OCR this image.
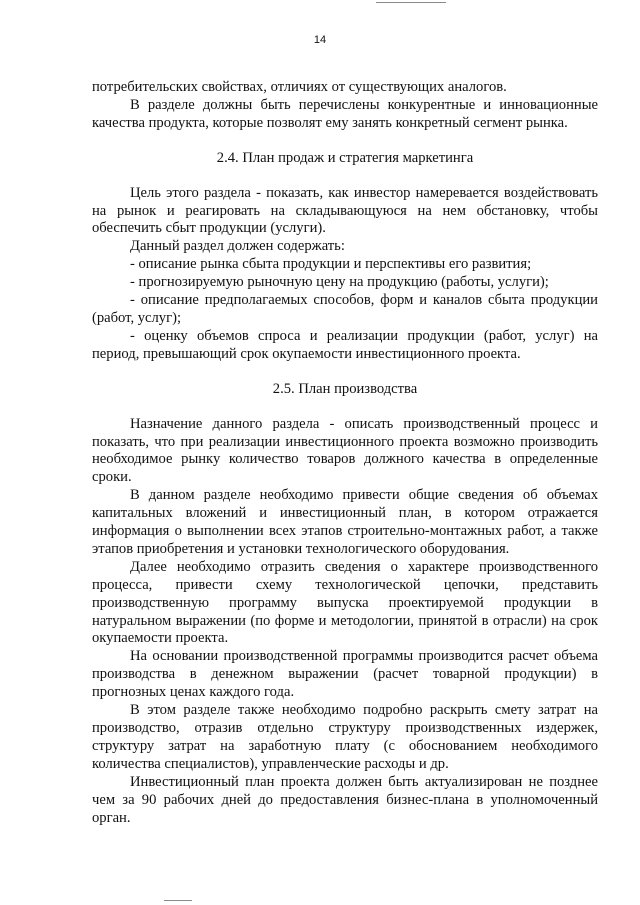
14

потребительских свойствах, отличиях от существующих аналогов.

В разделе должны быть перечислены конкурентные и инновационные качества продукта, которые позволят ему занять конкретный сегмент рынка.

2.4. План продаж и стратегия маркетинга

Цель этого раздела - показать, как инвестор намеревается воздействовать на рынок и реагировать на складывающуюся на нем обстановку, чтобы обеспечить сбыт продукции (услуги).

Данный раздел должен содержать:

- описание рынка сбыта продукции и перспективы его развития;

- прогнозируемую рыночную цену на продукцию (работы, услуги);

- описание предполагаемых способов, форм и каналов сбыта продукции (работ, услуг);

- оценку объемов спроса и реализации продукции (работ, услуг) на период, превышающий срок окупаемости инвестиционного проекта.

2.5. План производства

Назначение данного раздела - описать производственный процесс и показать, что при реализации инвестиционного проекта возможно производить необходимое рынку количество товаров должного качества в определенные сроки.

В данном разделе необходимо привести общие сведения об объемах капитальных вложений и инвестиционный план, в котором отражается информация о выполнении всех этапов строительно-монтажных работ, а также этапов приобретения и установки технологического оборудования.

Далее необходимо отразить сведения о характере производственного процесса, привести схему технологической цепочки, представить производственную программу выпуска проектируемой продукции в натуральном выражении (по форме и методологии, принятой в отрасли) на срок окупаемости проекта.

На основании производственной программы производится расчет объема производства в денежном выражении (расчет товарной продукции) в прогнозных ценах каждого года.

В этом разделе также необходимо подробно раскрыть смету затрат на производство, отразив отдельно структуру производственных издержек, структуру затрат на заработную плату (с обоснованием необходимого количества специалистов), управленческие расходы и др.

Инвестиционный план проекта должен быть актуализирован не позднее чем за 90 рабочих дней до предоставления бизнес-плана в уполномоченный орган.
